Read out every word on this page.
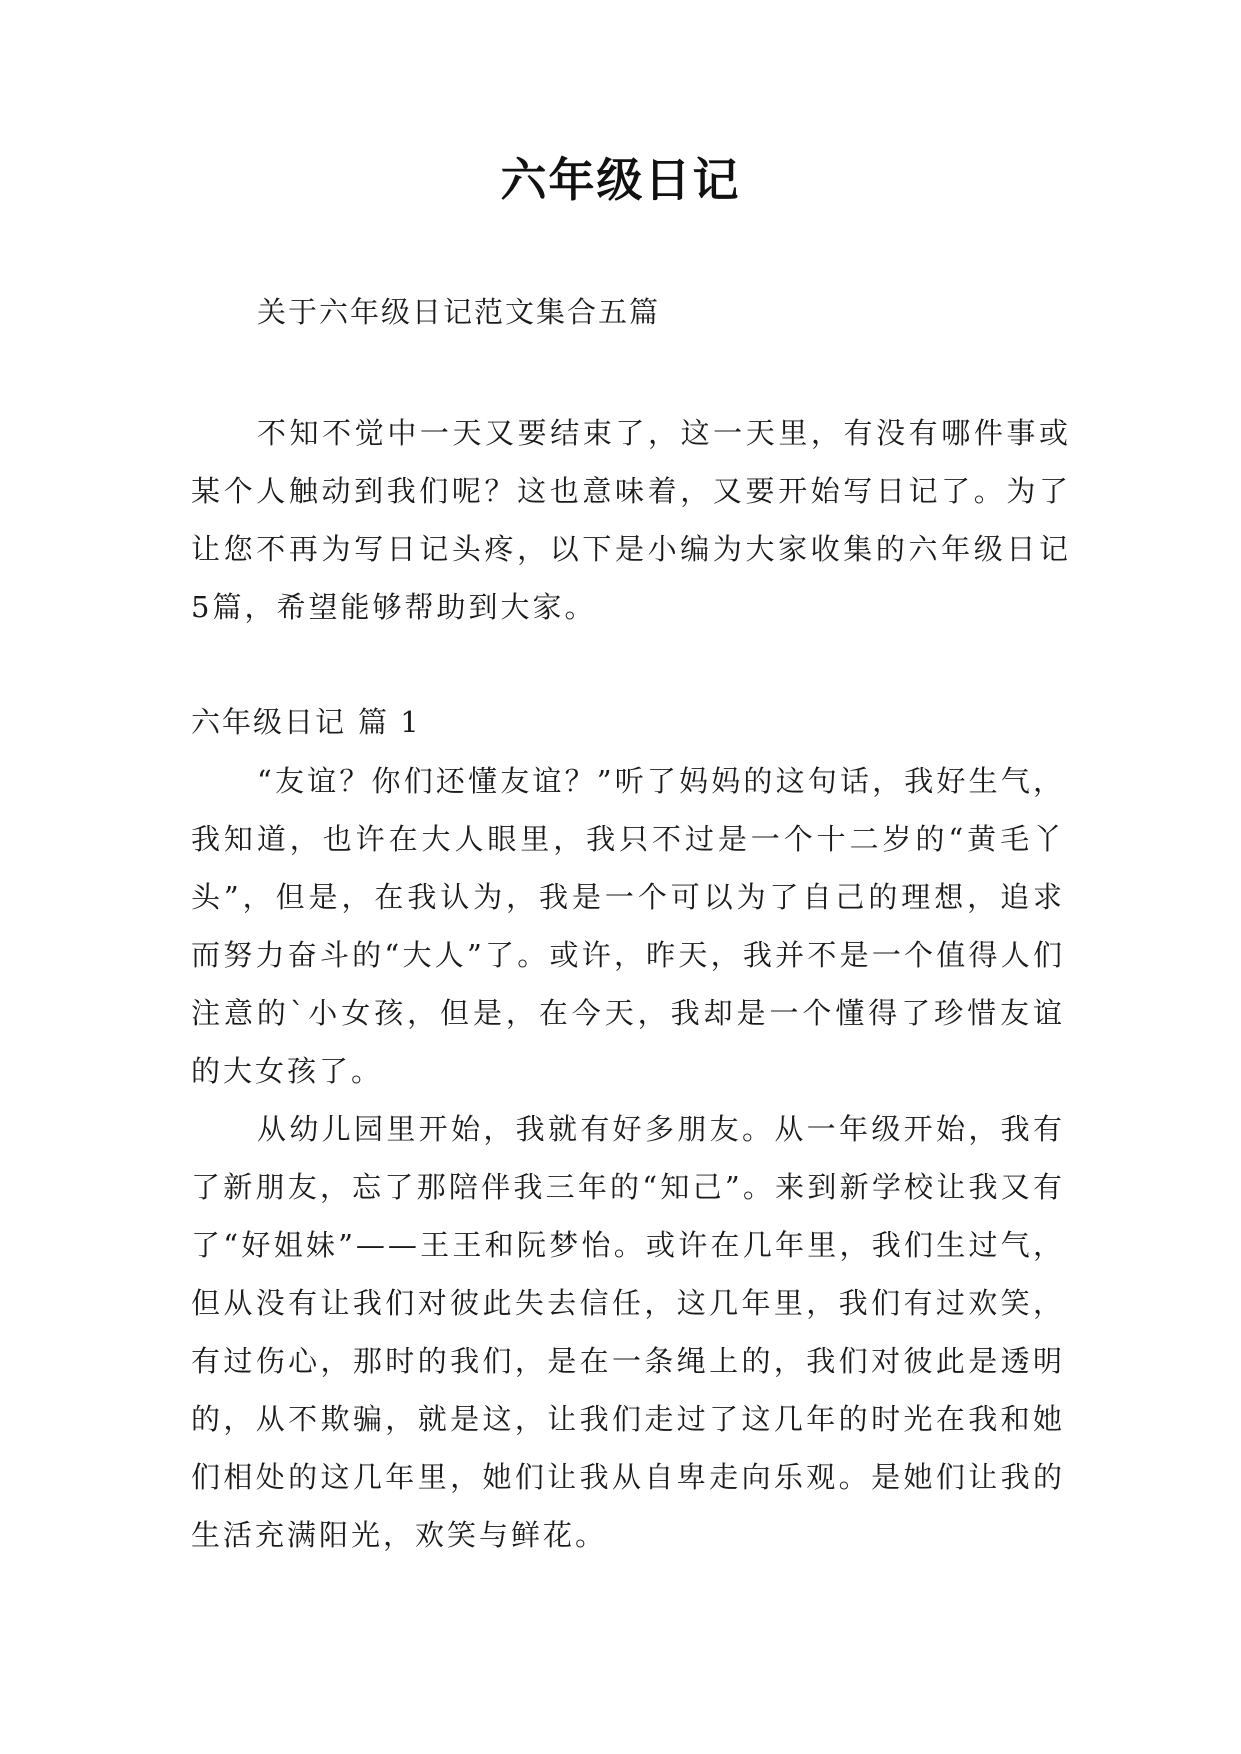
六年级日记
关于六年级日记范文集合五篇

不知不觉中一天又要结束了，这一天里，有没有哪件事或某个人触动到我们呢？这也意味着，又要开始写日记了。为了让您不再为写日记头疼，以下是小编为大家收集的六年级日记5篇，希望能够帮助到大家。

六年级日记 篇 1

“友谊？你们还懂友谊？”听了妈妈的这句话，我好生气，我知道，也许在大人眼里，我只不过是一个十二岁的“黄毛丫头”，但是，在我认为，我是一个可以为了自己的理想，追求而努力奋斗的“大人”了。或许，昨天，我并不是一个值得人们注意的`小女孩，但是，在今天，我却是一个懂得了珍惜友谊的大女孩了。

从幼儿园里开始，我就有好多朋友。从一年级开始，我有了新朋友，忘了那陪伴我三年的“知己”。来到新学校让我又有了“好姐妹”——王王和阮梦怡。或许在几年里，我们生过气，但从没有让我们对彼此失去信任，这几年里，我们有过欢笑，有过伤心，那时的我们，是在一条绳上的，我们对彼此是透明的，从不欺骗，就是这，让我们走过了这几年的时光在我和她们相处的这几年里，她们让我从自卑走向乐观。是她们让我的生活充满阳光，欢笑与鲜花。
